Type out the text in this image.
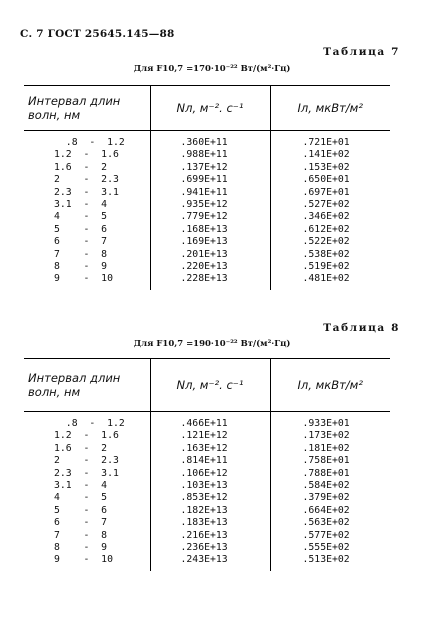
С. 7 ГОСТ 25645.145—88
Таблица 7
Для F10,7 =170·10⁻²² Вт/(м²·Гц)
Интервал длин волн, нм	Nл, м⁻². с⁻¹	Iл, мкВт/м²

.8  -  1.2	.360E+11	.721E+01
1.2  -  1.6	.988E+11	.141E+02
1.6  -  2	.137E+12	.153E+02
2    -  2.3	.699E+11	.650E+01
2.3  -  3.1	.941E+11	.697E+01
3.1  -  4	.935E+12	.527E+02
4    -  5	.779E+12	.346E+02
5    -  6	.168E+13	.612E+02
6    -  7	.169E+13	.522E+02
7    -  8	.201E+13	.538E+02
8    -  9	.220E+13	.519E+02
9    -  10	.228E+13	.481E+02
Таблица 8
Для F10,7 =190·10⁻²² Вт/(м²·Гц)
Интервал длин волн, нм	Nл, м⁻². с⁻¹	Iл, мкВт/м²

.8  -  1.2	.466E+11	.933E+01
1.2  -  1.6	.121E+12	.173E+02
1.6  -  2	.163E+12	.181E+02
2    -  2.3	.814E+11	.758E+01
2.3  -  3.1	.106E+12	.788E+01
3.1  -  4	.103E+13	.584E+02
4    -  5	.853E+12	.379E+02
5    -  6	.182E+13	.664E+02
6    -  7	.183E+13	.563E+02
7    -  8	.216E+13	.577E+02
8    -  9	.236E+13	.555E+02
9    -  10	.243E+13	.513E+02
